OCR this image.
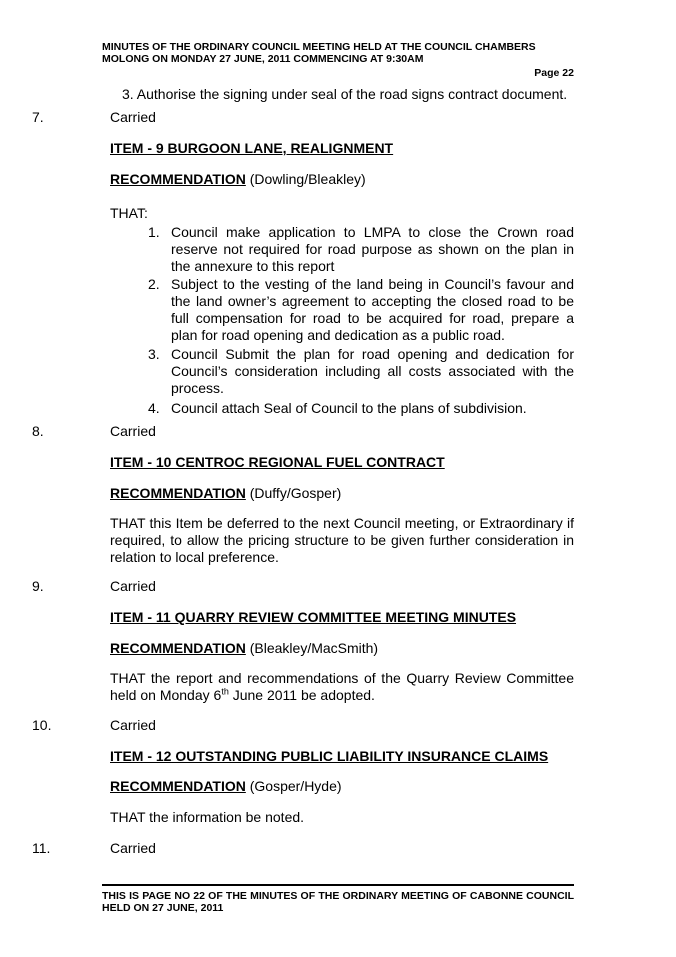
MINUTES OF THE ORDINARY COUNCIL MEETING HELD AT THE COUNCIL CHAMBERS
MOLONG ON MONDAY 27 JUNE, 2011 COMMENCING AT 9:30AM
Page 22
3. Authorise the signing under seal of the road signs contract document.
7.	Carried
ITEM - 9 BURGOON LANE, REALIGNMENT
RECOMMENDATION (Dowling/Bleakley)
THAT:
1. Council make application to LMPA to close the Crown road reserve not required for road purpose as shown on the plan in the annexure to this report
2. Subject to the vesting of the land being in Council’s favour and the land owner’s agreement to accepting the closed road to be full compensation for road to be acquired for road, prepare a plan for road opening and dedication as a public road.
3. Council Submit the plan for road opening and dedication for Council’s consideration including all costs associated with the process.
4. Council attach Seal of Council to the plans of subdivision.
8.	Carried
ITEM - 10 CENTROC REGIONAL FUEL CONTRACT
RECOMMENDATION (Duffy/Gosper)
THAT this Item be deferred to the next Council meeting, or Extraordinary if required, to allow the pricing structure to be given further consideration in relation to local preference.
9.	Carried
ITEM - 11 QUARRY REVIEW COMMITTEE MEETING MINUTES
RECOMMENDATION (Bleakley/MacSmith)
THAT the report and recommendations of the Quarry Review Committee held on Monday 6th June 2011 be adopted.
10.	Carried
ITEM - 12 OUTSTANDING PUBLIC LIABILITY INSURANCE CLAIMS
RECOMMENDATION (Gosper/Hyde)
THAT the information be noted.
11.	Carried
THIS IS PAGE NO 22 OF THE MINUTES OF THE ORDINARY MEETING OF CABONNE COUNCIL HELD ON 27 JUNE, 2011
